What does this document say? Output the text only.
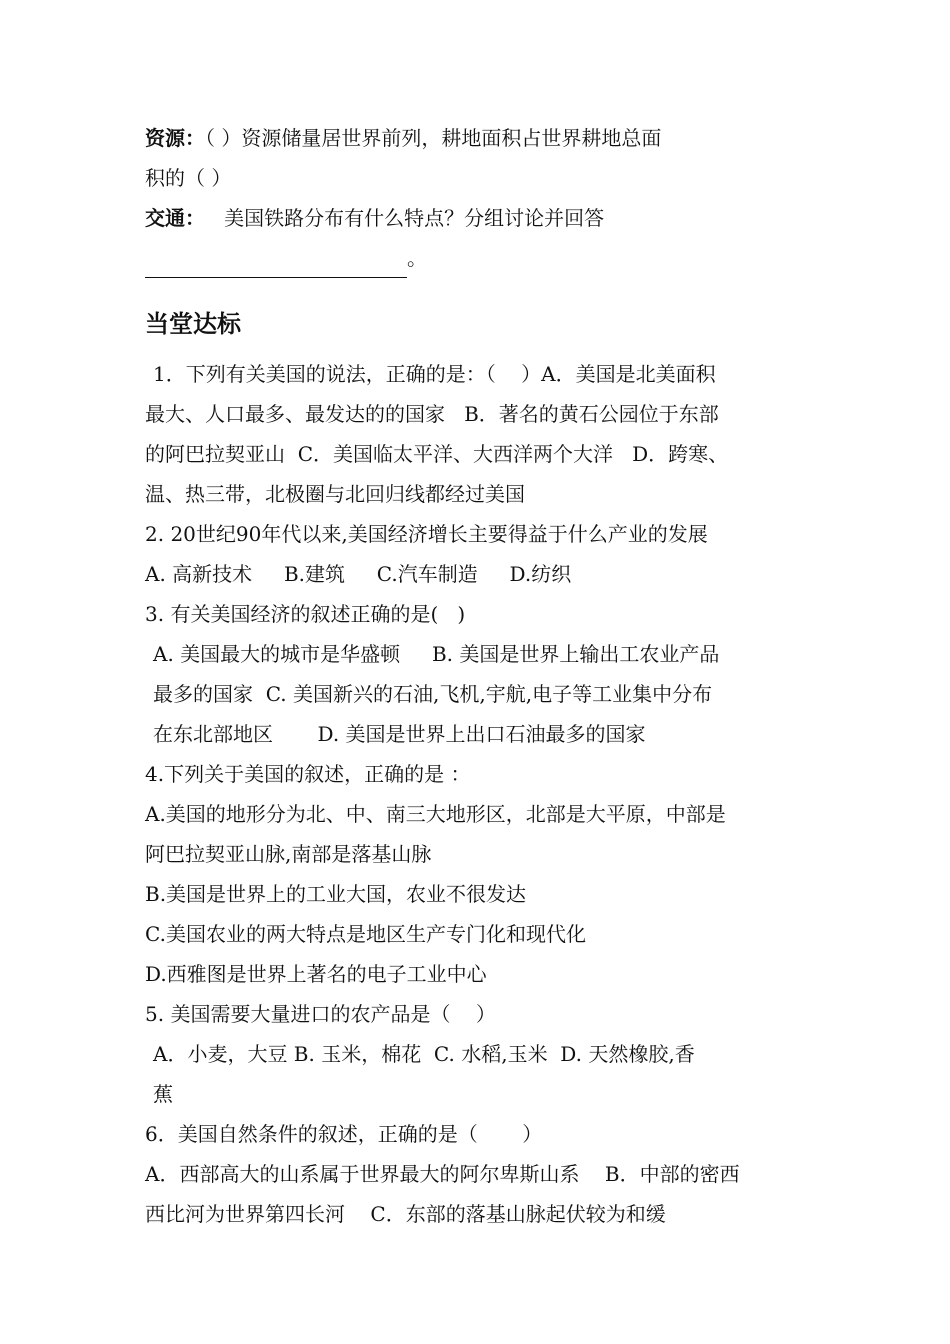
资源：（ ）资源储量居世界前列，耕地面积占世界耕地总面
积的（ ）
交通：   美国铁路分布有什么特点？分组讨论并回答
。
当堂达标
1．下列有关美国的说法，正确的是：（    ）A．美国是北美面积
最大、人口最多、最发达的的国家   B．著名的黄石公园位于东部
的阿巴拉契亚山  C．美国临太平洋、大西洋两个大洋   D．跨寒、
温、热三带，北极圈与北回归线都经过美国
2. 20世纪90年代以来,美国经济增长主要得益于什么产业的发展
A. 高新技术     B.建筑     C.汽车制造     D.纺织
3. 有关美国经济的叙述正确的是(   )
A. 美国最大的城市是华盛顿     B. 美国是世界上输出工农业产品
最多的国家  C. 美国新兴的石油,飞机,宇航,电子等工业集中分布
在东北部地区       D. 美国是世界上出口石油最多的国家
4.下列关于美国的叙述，正确的是 ：
A.美国的地形分为北、中、南三大地形区，北部是大平原，中部是
阿巴拉契亚山脉,南部是落基山脉
B.美国是世界上的工业大国，农业不很发达
C.美国农业的两大特点是地区生产专门化和现代化
D.西雅图是世界上著名的电子工业中心
5. 美国需要大量进口的农产品是（    ）
A．小麦，大豆 B. 玉米，棉花  C. 水稻,玉米  D. 天然橡胶,香
蕉
6．美国自然条件的叙述，正确的是（       ）
A．西部高大的山系属于世界最大的阿尔卑斯山系    B．中部的密西
西比河为世界第四长河    C．东部的落基山脉起伏较为和缓
